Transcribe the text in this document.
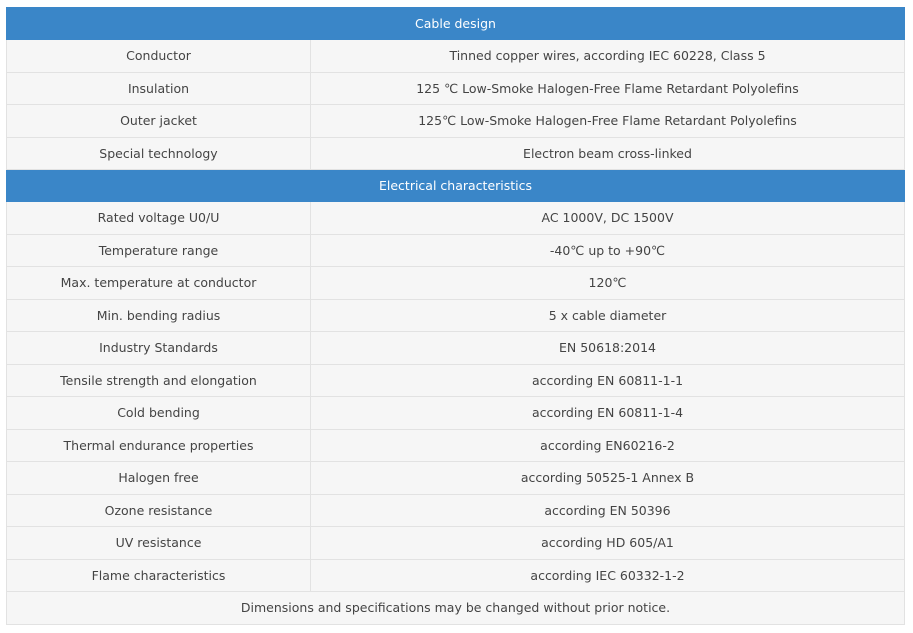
Cable design	
Conductor	Tinned copper wires, according IEC 60228, Class 5
Insulation	125 ℃ Low-Smoke Halogen-Free Flame Retardant Polyolefins
Outer jacket	125℃ Low-Smoke Halogen-Free Flame Retardant Polyolefins
Special technology	Electron beam cross-linked
Electrical characteristics	
Rated voltage U0/U	AC 1000V, DC 1500V
Temperature range	-40℃ up to +90℃
Max. temperature at conductor	120℃
Min. bending radius	5 x cable diameter
Industry Standards	EN 50618:2014
Tensile strength and elongation	according EN 60811-1-1
Cold bending	according EN 60811-1-4
Thermal endurance properties	according EN60216-2
Halogen free	according 50525-1 Annex B
Ozone resistance	according EN 50396
UV resistance	according HD 605/A1
Flame characteristics	according IEC 60332-1-2
Dimensions and specifications may be changed without prior notice.	
